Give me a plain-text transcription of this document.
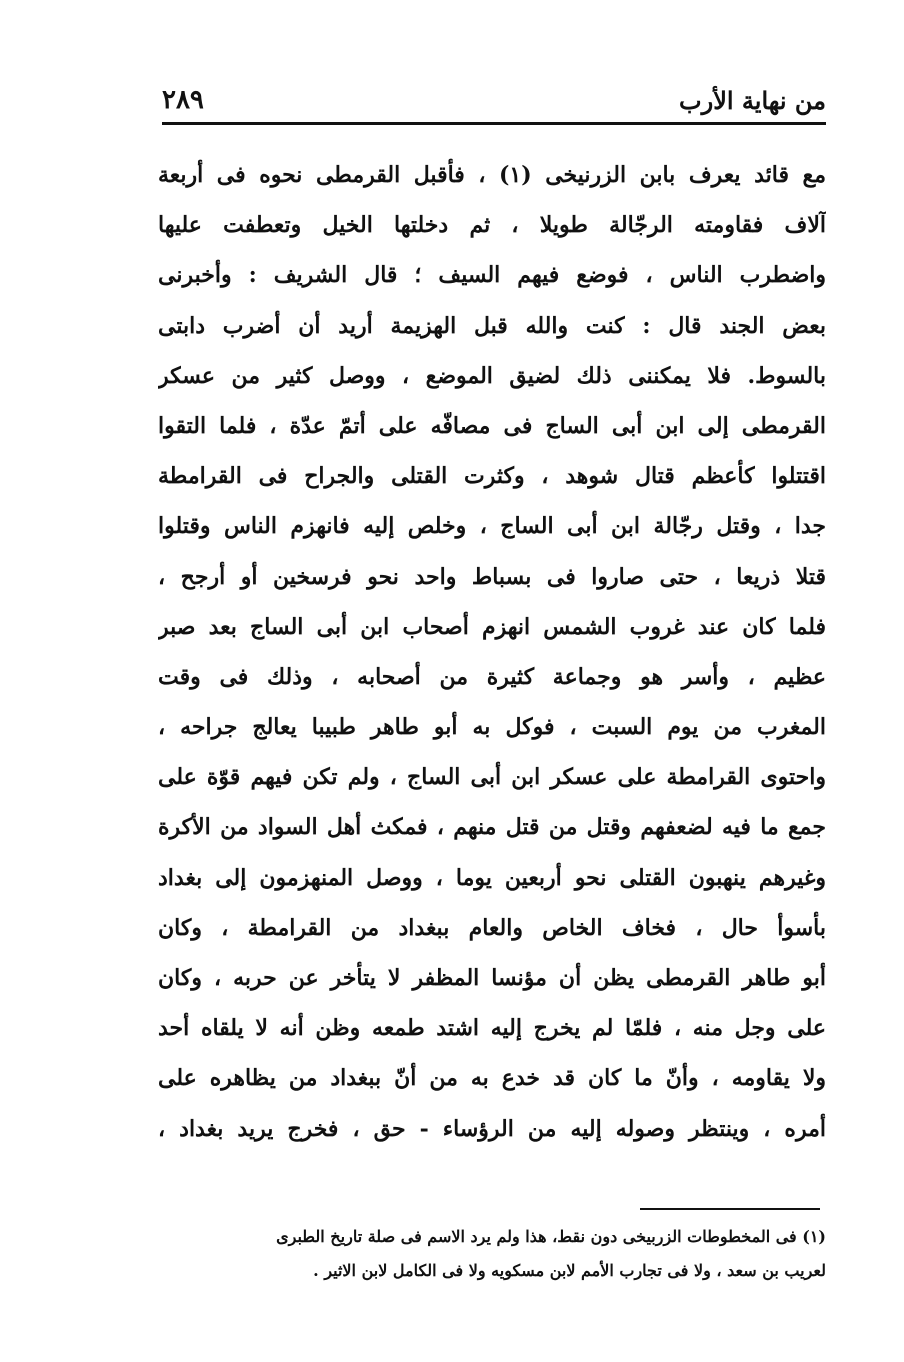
من نهاية الأرب
٢٨٩
مع قائد يعرف بابن الزرنيخى (١) ، فأقبل القرمطى نحوه فى أربعة
آلاف فقاومته الرجّالة طويلا ، ثم دخلتها الخيل وتعطفت عليها
واضطرب الناس ، فوضع فيهم السيف ؛ قال الشريف : وأخبرنى
بعض الجند قال : كنت والله قبل الهزيمة أريد أن أضرب دابتى
بالسوط. فلا يمكننى ذلك لضيق الموضع ، ووصل كثير من عسكر
القرمطى إلى ابن أبى الساج فى مصافّه على أتمّ عدّة ، فلما التقوا
اقتتلوا كأعظم قتال شوهد ، وكثرت القتلى والجراح فى القرامطة
جدا ، وقتل رجّالة ابن أبى الساج ، وخلص إليه فانهزم الناس وقتلوا
قتلا ذريعا ، حتى صاروا فى بسباط واحد نحو فرسخين أو أرجح ،
فلما كان عند غروب الشمس انهزم أصحاب ابن أبى الساج بعد صبر
عظيم ، وأسر هو وجماعة كثيرة من أصحابه ، وذلك فى وقت
المغرب من يوم السبت ، فوكل به أبو طاهر طبيبا يعالج جراحه ،
واحتوى القرامطة على عسكر ابن أبى الساج ، ولم تكن فيهم قوّة على
جمع ما فيه لضعفهم وقتل من قتل منهم ، فمكث أهل السواد من الأكرة
وغيرهم ينهبون القتلى نحو أربعين يوما ، ووصل المنهزمون إلى بغداد
بأسوأ حال ، فخاف الخاص والعام ببغداد من القرامطة ، وكان
أبو طاهر القرمطى يظن أن مؤنسا المظفر لا يتأخر عن حربه ، وكان
على وجل منه ، فلمّا لم يخرج إليه اشتد طمعه وظن أنه لا يلقاه أحد
ولا يقاومه ، وأنّ ما كان قد خدع به من أنّ ببغداد من يظاهره على
أمره ، وينتظر وصوله إليه من الرؤساء - حق ، فخرج يريد بغداد ،
(١) فى المخطوطات الزربيخى دون نقط، هذا ولم يرد الاسم فى صلة تاريخ الطبرى
لعريب بن سعد ، ولا فى تجارب الأمم لابن مسكويه ولا فى الكامل لابن الاثير .
